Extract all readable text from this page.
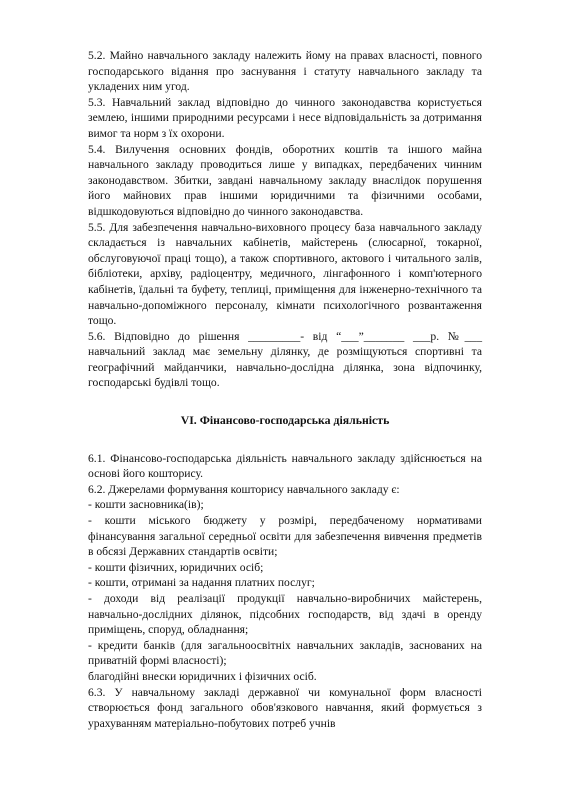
5.2. Майно навчального закладу належить йому на правах власності, повного господарського відання про заснування і статуту навчального закладу та укладених ним угод.

5.3. Навчальний заклад відповідно до чинного законодавства користується землею, іншими природними ресурсами і несе відповідальність за дотримання вимог та норм з їх охорони.

5.4. Вилучення основних фондів, оборотних коштів та іншого майна навчального закладу проводиться лише у випадках, передбачених чинним законодавством. Збитки, завдані навчальному закладу внаслідок порушення його майнових прав іншими юридичними та фізичними особами, відшкодовуються відповідно до чинного законодавства.

5.5. Для забезпечення навчально-виховного процесу база навчального закладу складається із навчальних кабінетів, майстерень (слюсарної, токарної, обслуговуючої праці тощо), а також спортивного, актового і читального залів, бібліотеки, архіву, радіоцентру, медичного, лінгафонного і комп'ютерного кабінетів, їдальні та буфету, теплиці, приміщення для інженерно-технічного та навчально-допоміжного персоналу, кімнати психологічного розвантаження тощо.

5.6. Відповідно до рішення _________- від “___”_______ ___р. №___ навчальний заклад має земельну ділянку, де розміщуються спортивні та географічний майданчики, навчально-дослідна ділянка, зона відпочинку, господарські будівлі тощо.

VI. Фінансово-господарська діяльність

6.1. Фінансово-господарська діяльність навчального закладу здійснюється на основі його кошторису.

6.2. Джерелами формування кошторису навчального закладу є:

- кошти засновника(ів);

- кошти міського бюджету у розмірі, передбаченому нормативами фінансування загальної середньої освіти для забезпечення вивчення предметів в обсязі Державних стандартів освіти;

- кошти фізичних, юридичних осіб;

- кошти, отримані за надання платних послуг;

- доходи від реалізації продукції навчально-виробничих майстерень, навчально-дослідних ділянок, підсобних господарств, від здачі в оренду приміщень, споруд, обладнання;

- кредити банків (для загальноосвітніх навчальних закладів, заснованих на приватній формі власності);

благодійні внески юридичних і фізичних осіб.

6.3. У навчальному закладі державної чи комунальної форм власності створюється фонд загального обов'язкового навчання, який формується з урахуванням матеріально-побутових потреб учнів
